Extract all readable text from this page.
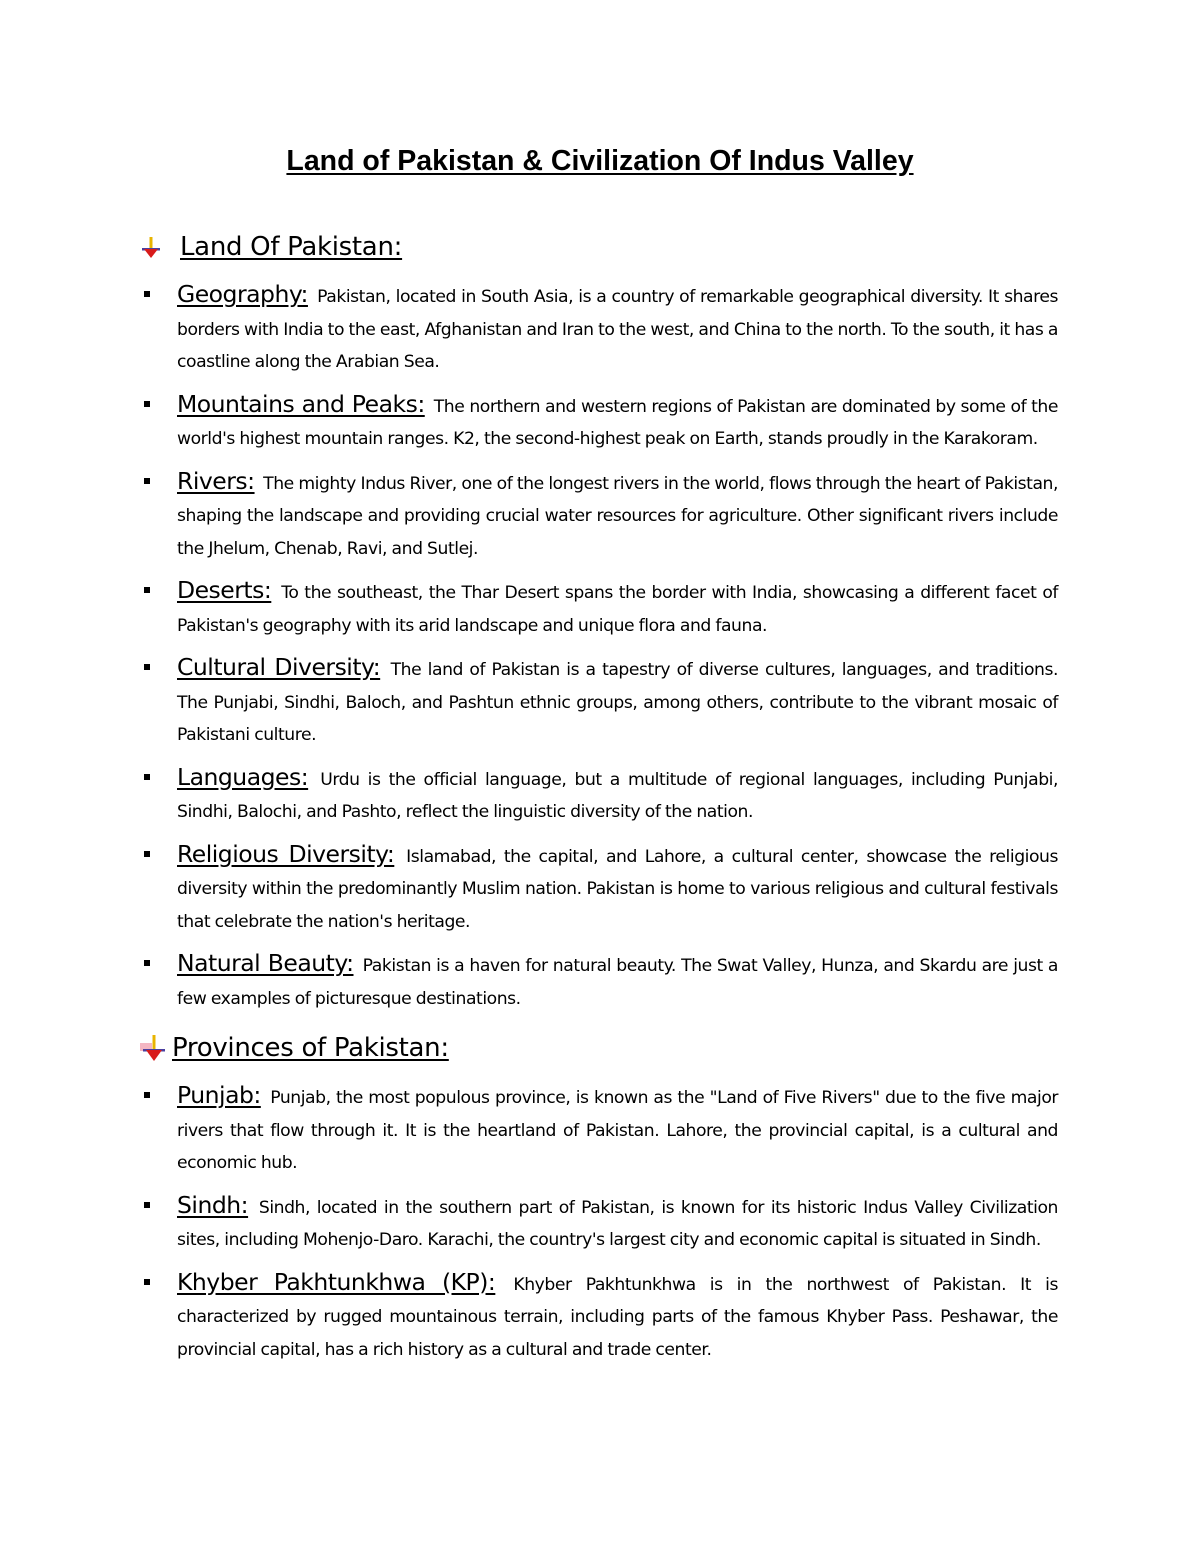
Land of Pakistan & Civilization Of Indus Valley
Land Of Pakistan:
Geography: Pakistan, located in South Asia, is a country of remarkable geographical diversity. It shares borders with India to the east, Afghanistan and Iran to the west, and China to the north. To the south, it has a coastline along the Arabian Sea.
Mountains and Peaks: The northern and western regions of Pakistan are dominated by some of the world's highest mountain ranges. K2, the second-highest peak on Earth, stands proudly in the Karakoram.
Rivers: The mighty Indus River, one of the longest rivers in the world, flows through the heart of Pakistan, shaping the landscape and providing crucial water resources for agriculture. Other significant rivers include the Jhelum, Chenab, Ravi, and Sutlej.
Deserts: To the southeast, the Thar Desert spans the border with India, showcasing a different facet of Pakistan's geography with its arid landscape and unique flora and fauna.
Cultural Diversity: The land of Pakistan is a tapestry of diverse cultures, languages, and traditions. The Punjabi, Sindhi, Baloch, and Pashtun ethnic groups, among others, contribute to the vibrant mosaic of Pakistani culture.
Languages: Urdu is the official language, but a multitude of regional languages, including Punjabi, Sindhi, Balochi, and Pashto, reflect the linguistic diversity of the nation.
Religious Diversity: Islamabad, the capital, and Lahore, a cultural center, showcase the religious diversity within the predominantly Muslim nation. Pakistan is home to various religious and cultural festivals that celebrate the nation's heritage.
Natural Beauty: Pakistan is a haven for natural beauty. The Swat Valley, Hunza, and Skardu are just a few examples of picturesque destinations.
Provinces of Pakistan:
Punjab: Punjab, the most populous province, is known as the "Land of Five Rivers" due to the five major rivers that flow through it. It is the heartland of Pakistan. Lahore, the provincial capital, is a cultural and economic hub.
Sindh: Sindh, located in the southern part of Pakistan, is known for its historic Indus Valley Civilization sites, including Mohenjo-Daro. Karachi, the country's largest city and economic capital is situated in Sindh.
Khyber Pakhtunkhwa (KP): Khyber Pakhtunkhwa is in the northwest of Pakistan. It is characterized by rugged mountainous terrain, including parts of the famous Khyber Pass. Peshawar, the provincial capital, has a rich history as a cultural and trade center.
